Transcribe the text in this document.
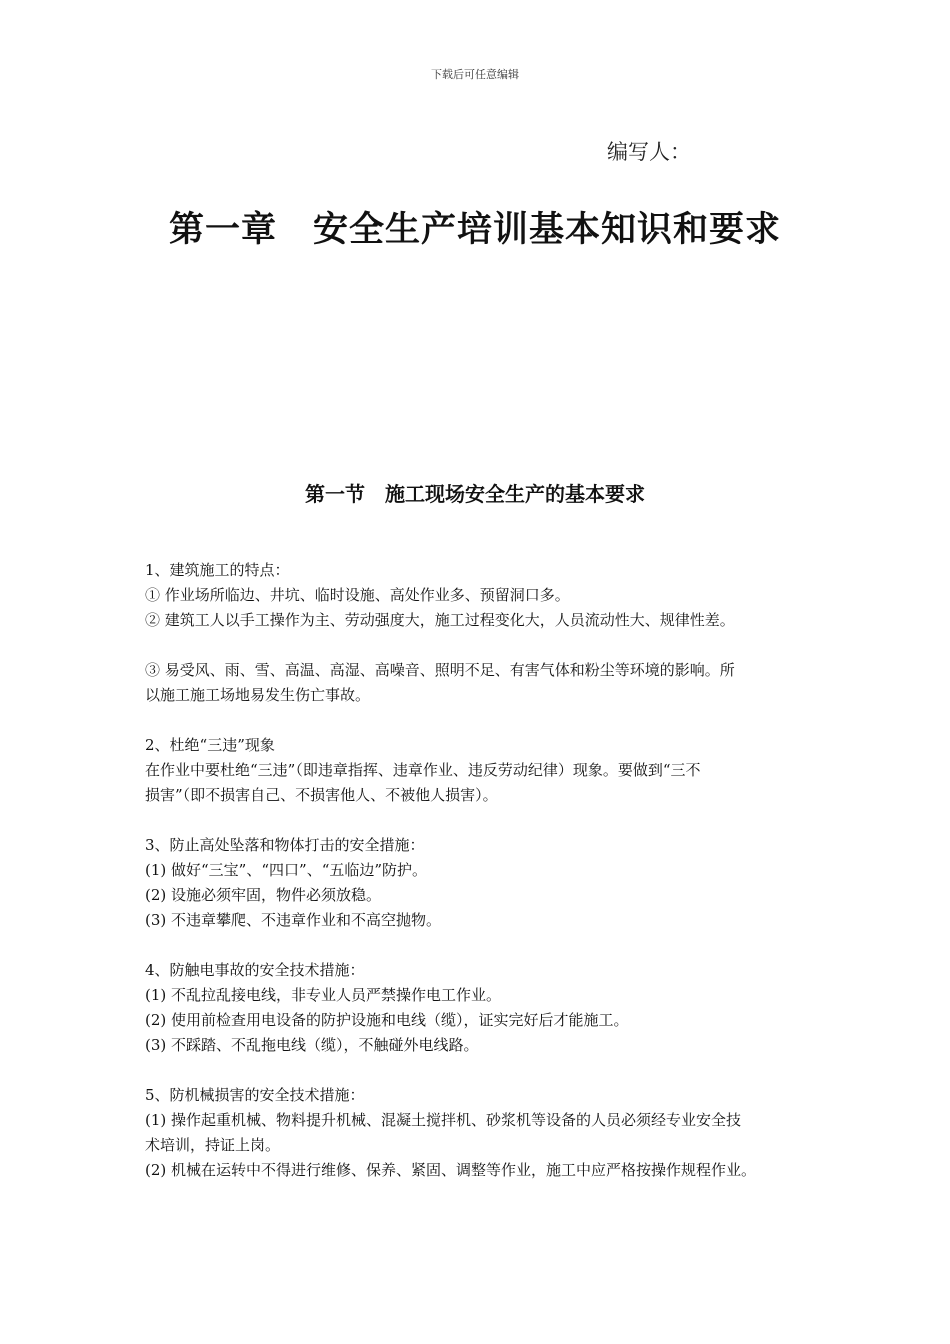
下载后可任意编辑
编写人：
第一章　安全生产培训基本知识和要求
第一节　施工现场安全生产的基本要求
1、建筑施工的特点：
① 作业场所临边、井坑、临时设施、高处作业多、预留洞口多。
② 建筑工人以手工操作为主、劳动强度大，施工过程变化大，人员流动性大、规律性差。
③ 易受风、雨、雪、高温、高湿、高噪音、照明不足、有害气体和粉尘等环境的影响。所
以施工施工场地易发生伤亡事故。
2、杜绝“三违”现象
在作业中要杜绝“三违”（即违章指挥、违章作业、违反劳动纪律）现象。要做到“三不
损害”（即不损害自己、不损害他人、不被他人损害）。
3、防止高处坠落和物体打击的安全措施：
(1) 做好“三宝”、“四口”、“五临边”防护。
(2) 设施必须牢固，物件必须放稳。
(3) 不违章攀爬、不违章作业和不高空抛物。
4、防触电事故的安全技术措施：
(1) 不乱拉乱接电线，非专业人员严禁操作电工作业。
(2) 使用前检查用电设备的防护设施和电线（缆），证实完好后才能施工。
(3) 不踩踏、不乱拖电线（缆），不触碰外电线路。
5、防机械损害的安全技术措施：
(1) 操作起重机械、物料提升机械、混凝土搅拌机、砂浆机等设备的人员必须经专业安全技
术培训，持证上岗。
(2) 机械在运转中不得进行维修、保养、紧固、调整等作业，施工中应严格按操作规程作业。
